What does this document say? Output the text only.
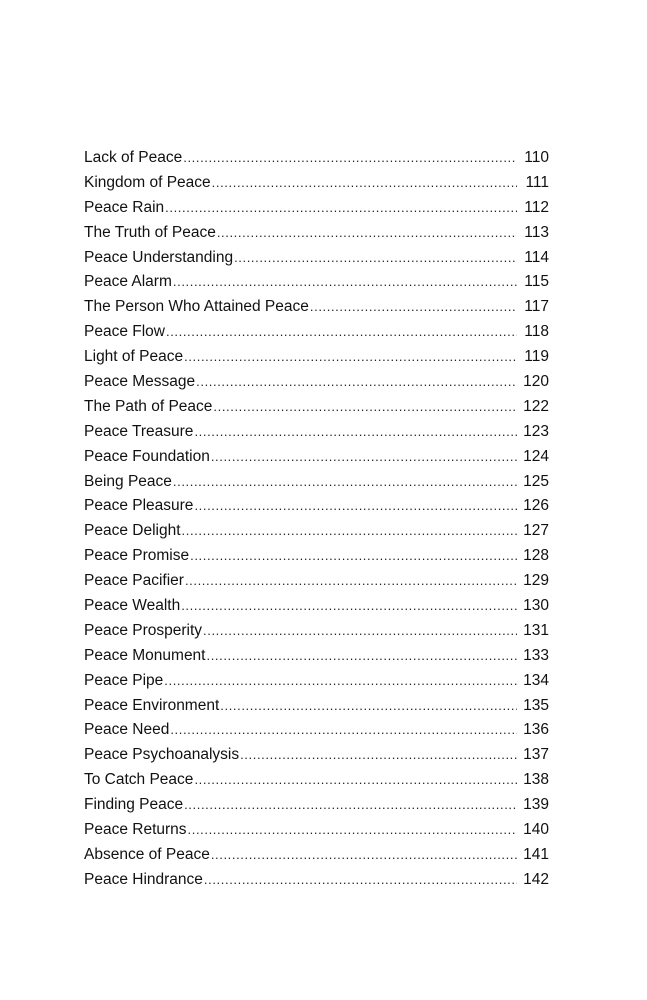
Lack of Peace .....	110
Kingdom of Peace .....	111
Peace Rain .....	112
The Truth of Peace .....	113
Peace Understanding .....	114
Peace Alarm .....	115
The Person Who Attained Peace .....	117
Peace Flow .....	118
Light of Peace .....	119
Peace Message .....	120
The Path of Peace .....	122
Peace Treasure .....	123
Peace Foundation .....	124
Being Peace .....	125
Peace Pleasure .....	126
Peace Delight .....	127
Peace Promise .....	128
Peace Pacifier .....	129
Peace Wealth .....	130
Peace Prosperity .....	131
Peace Monument .....	133
Peace Pipe .....	134
Peace Environment .....	135
Peace Need .....	136
Peace Psychoanalysis .....	137
To Catch Peace .....	138
Finding Peace .....	139
Peace Returns .....	140
Absence of Peace .....	141
Peace Hindrance .....	142
